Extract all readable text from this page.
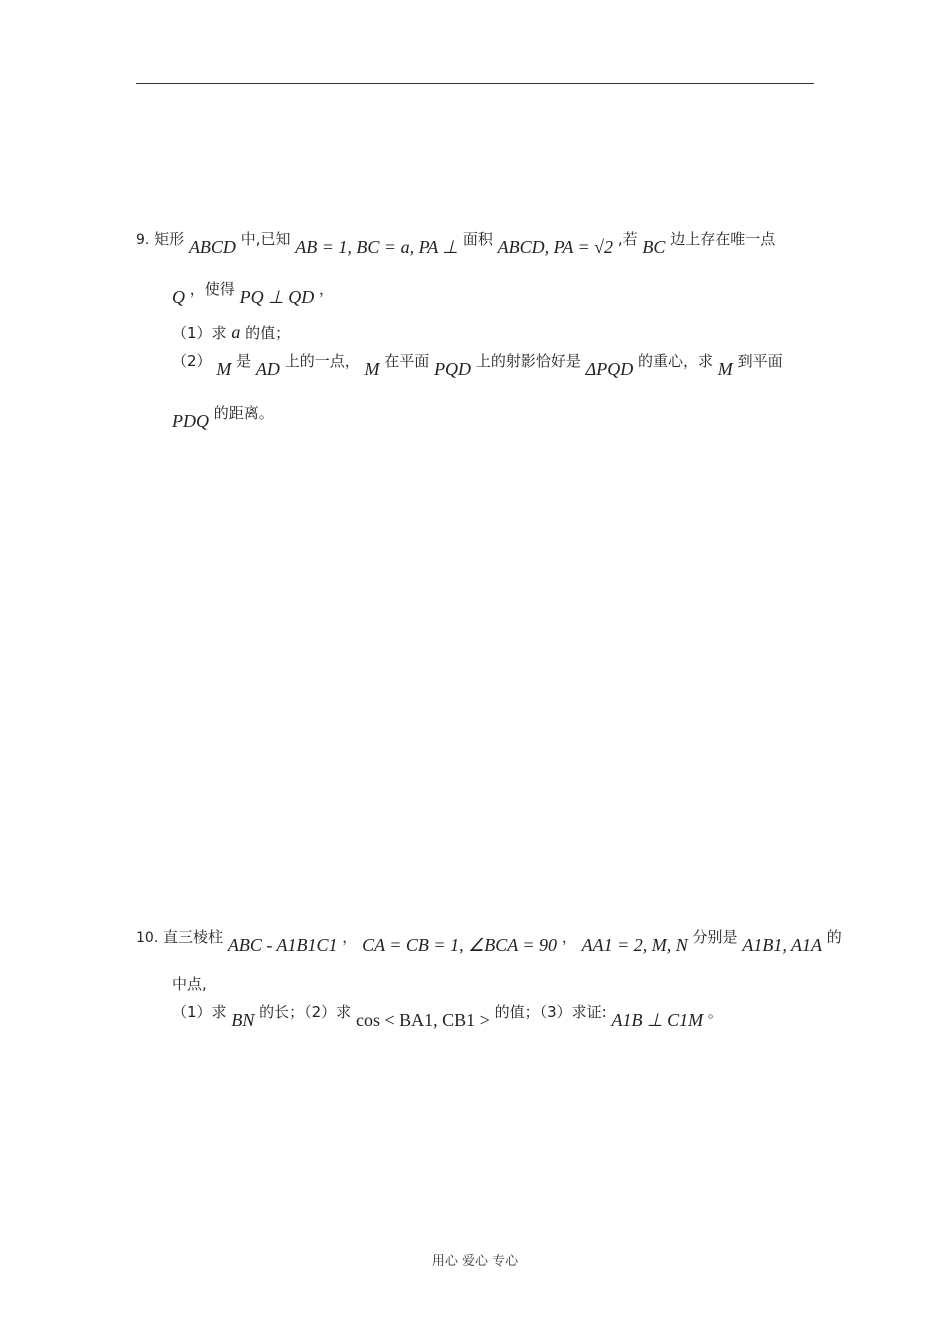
9. 矩形 ABCD 中,已知 AB = 1, BC = a, PA ⊥ 面积 ABCD, PA = √2 ,若 BC 边上存在唯一点
Q ，使得 PQ ⊥ QD ，
（1）求 a 的值；
（2） M 是 AD 上的一点， M 在平面 PQD 上的射影恰好是 ΔPQD 的重心，求 M 到平面
PDQ 的距离。
10. 直三棱柱 ABC - A1B1C1 ， CA = CB = 1, ∠BCA = 90 ， AA1 = 2, M, N 分别是 A1B1, A1A 的
中点,
（1）求 BN 的长；（2）求 cos < BA1, CB1 > 的值；（3）求证: A1B ⊥ C1M 。
用心 爱心 专心
